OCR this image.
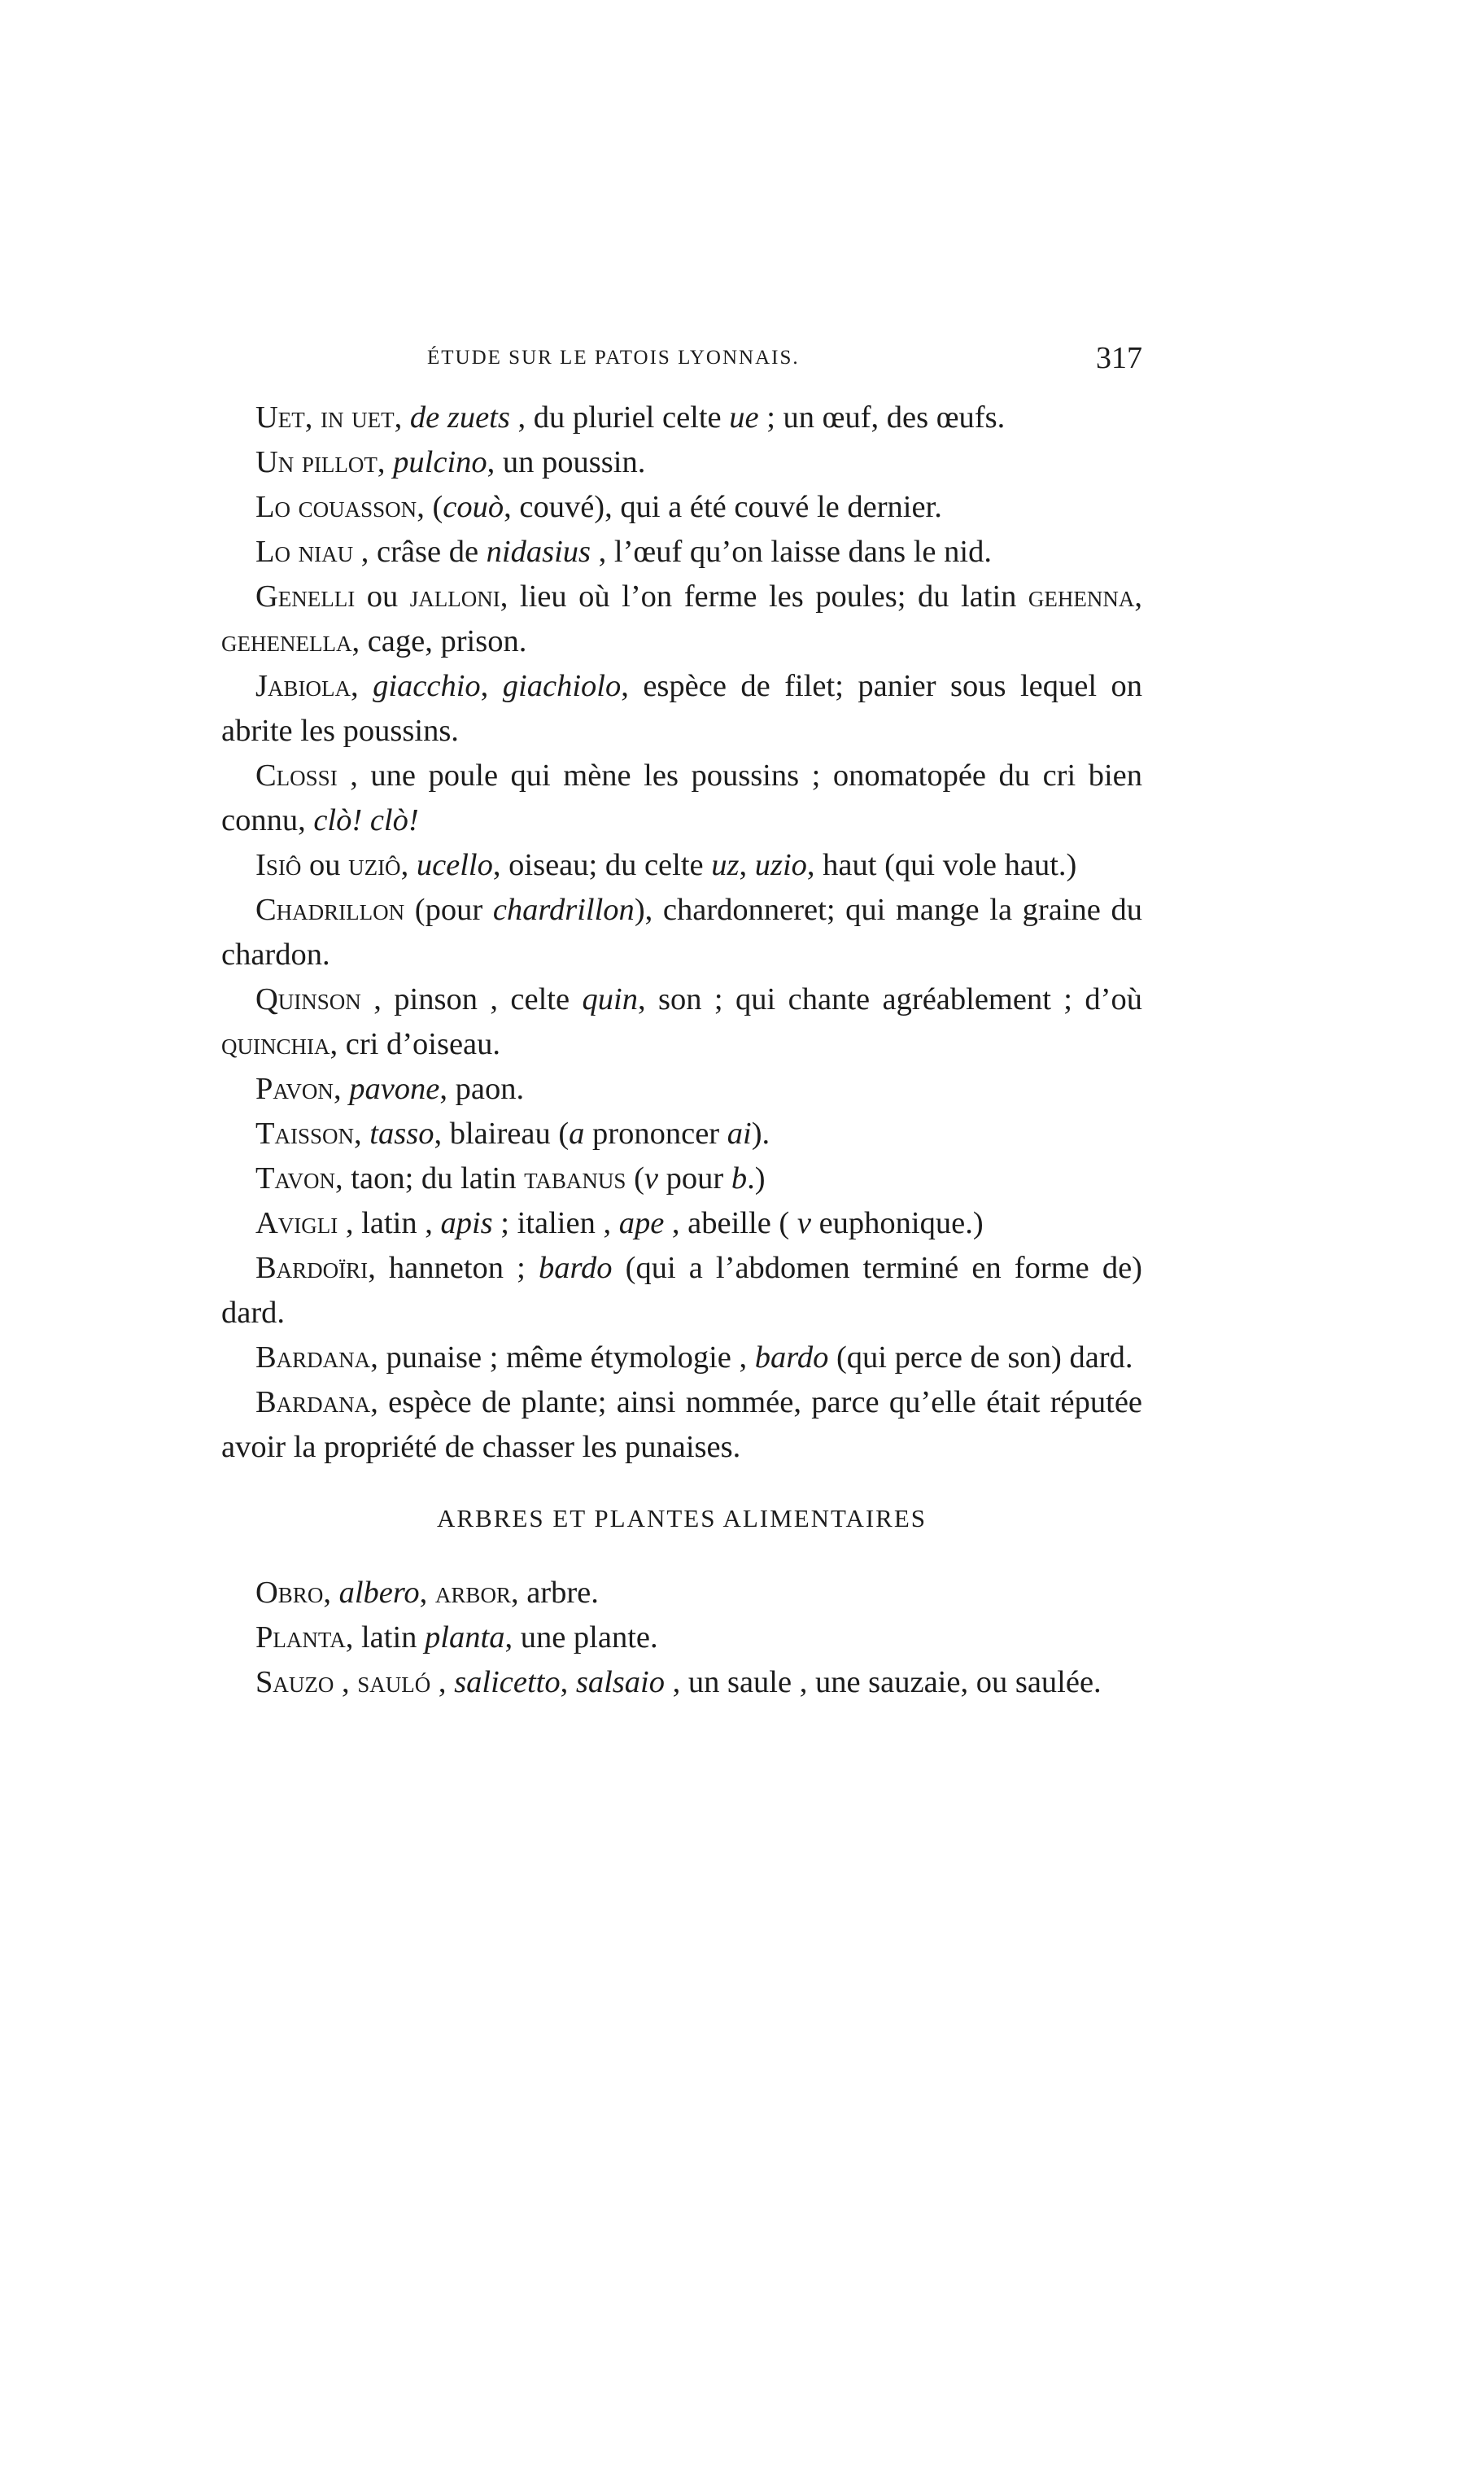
ÉTUDE SUR LE PATOIS LYONNAIS.	317

Uet, in uet, de zuets , du pluriel celte ue ; un œuf, des œufs.

Un pillot, pulcino, un poussin.

Lo couasson, (couò, couvé), qui a été couvé le dernier.

Lo niau , crâse de nidasius , l’œuf qu’on laisse dans le nid.

Genelli ou jalloni, lieu où l’on ferme les poules; du latin gehenna, gehenella, cage, prison.

Jabiola, giacchio, giachiolo, espèce de filet; panier sous lequel on abrite les poussins.

Clossi , une poule qui mène les poussins ; onomatopée du cri bien connu, clò! clò!

Isiô ou uziô, ucello, oiseau; du celte uz, uzio, haut (qui vole haut.)

Chadrillon (pour chardrillon), chardonneret; qui mange la graine du chardon.

Quinson , pinson , celte quin, son ; qui chante agréablement ; d’où quinchia, cri d’oiseau.

Pavon, pavone, paon.

Taisson, tasso, blaireau (a prononcer ai).

Tavon, taon; du latin tabanus (v pour b.)

Avigli , latin , apis ; italien , ape , abeille ( v euphonique.)

Bardoïri, hanneton ; bardo (qui a l’abdomen terminé en forme de) dard.

Bardana, punaise ; même étymologie , bardo (qui perce de son) dard.

Bardana, espèce de plante; ainsi nommée, parce qu’elle était réputée avoir la propriété de chasser les punaises.

ARBRES ET PLANTES ALIMENTAIRES

Obro, albero, arbor, arbre.

Planta, latin planta, une plante.

Sauzo , sauló , salicetto, salsaio , un saule , une sauzaie, ou saulée.
